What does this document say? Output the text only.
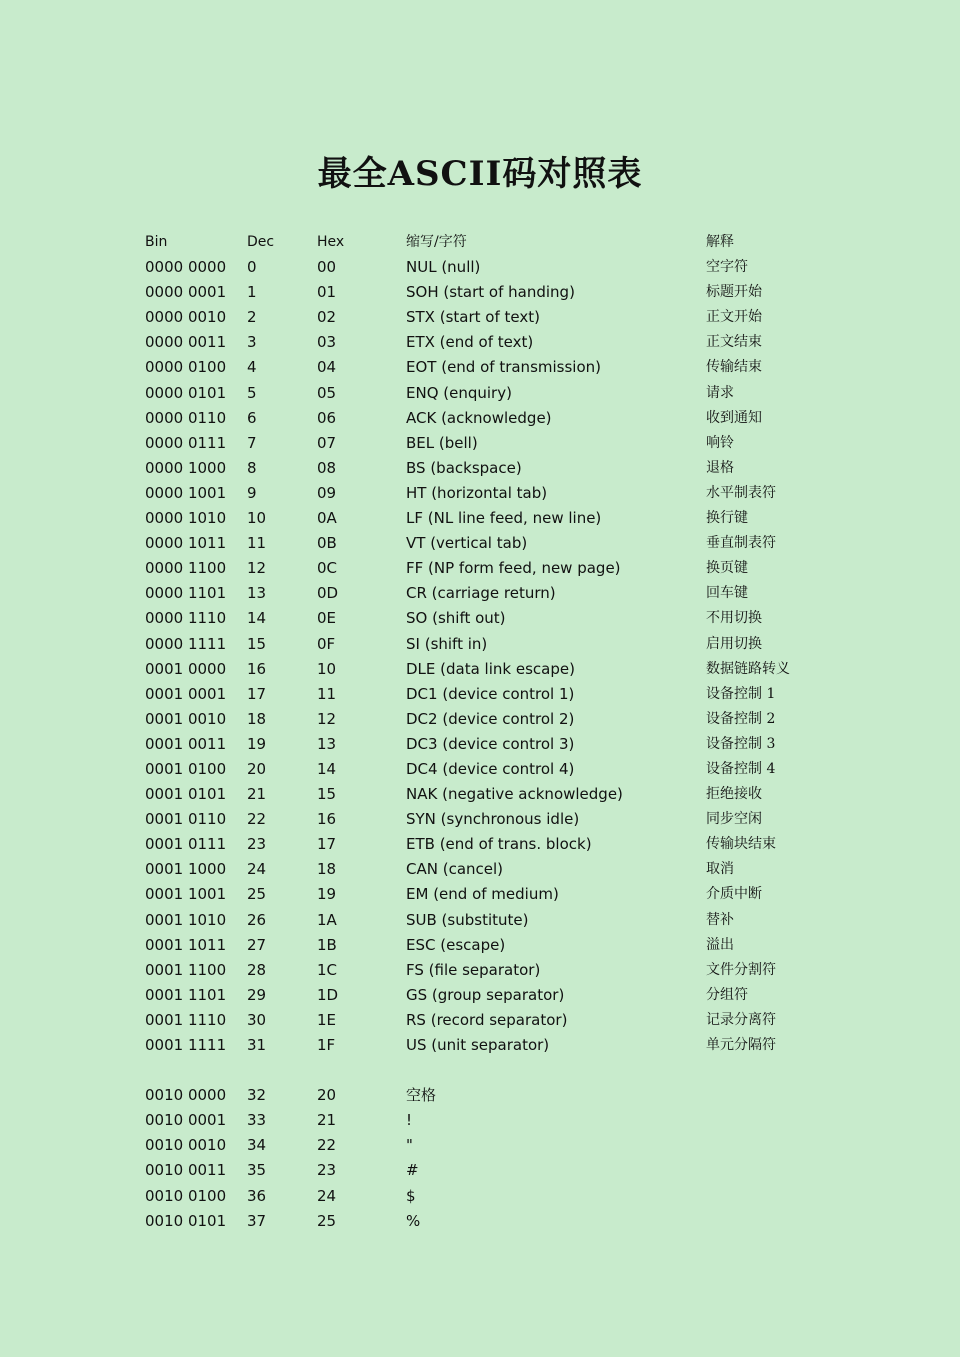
最全ASCII码对照表
Bin	Dec	Hex	缩写/字符	解释
0000 0000	0	00	NUL (null)	空字符
0000 0001	1	01	SOH (start of handing)	标题开始
0000 0010	2	02	STX (start of text)	正文开始
0000 0011	3	03	ETX (end of text)	正文结束
0000 0100	4	04	EOT (end of transmission)	传输结束
0000 0101	5	05	ENQ (enquiry)	请求
0000 0110	6	06	ACK (acknowledge)	收到通知
0000 0111	7	07	BEL (bell)	响铃
0000 1000	8	08	BS (backspace)	退格
0000 1001	9	09	HT (horizontal tab)	水平制表符
0000 1010	10	0A	LF (NL line feed, new line)	换行键
0000 1011	11	0B	VT (vertical tab)	垂直制表符
0000 1100	12	0C	FF (NP form feed, new page)	换页键
0000 1101	13	0D	CR (carriage return)	回车键
0000 1110	14	0E	SO (shift out)	不用切换
0000 1111	15	0F	SI (shift in)	启用切换
0001 0000	16	10	DLE (data link escape)	数据链路转义
0001 0001	17	11	DC1 (device control 1)	设备控制 1
0001 0010	18	12	DC2 (device control 2)	设备控制 2
0001 0011	19	13	DC3 (device control 3)	设备控制 3
0001 0100	20	14	DC4 (device control 4)	设备控制 4
0001 0101	21	15	NAK (negative acknowledge)	拒绝接收
0001 0110	22	16	SYN (synchronous idle)	同步空闲
0001 0111	23	17	ETB (end of trans. block)	传输块结束
0001 1000	24	18	CAN (cancel)	取消
0001 1001	25	19	EM (end of medium)	介质中断
0001 1010	26	1A	SUB (substitute)	替补
0001 1011	27	1B	ESC (escape)	溢出
0001 1100	28	1C	FS (file separator)	文件分割符
0001 1101	29	1D	GS (group separator)	分组符
0001 1110	30	1E	RS (record separator)	记录分离符
0001 1111	31	1F	US (unit separator)	单元分隔符

0010 0000	32	20	空格	
0010 0001	33	21	!	
0010 0010	34	22	"	
0010 0011	35	23	#	
0010 0100	36	24	$	
0010 0101	37	25	%	
